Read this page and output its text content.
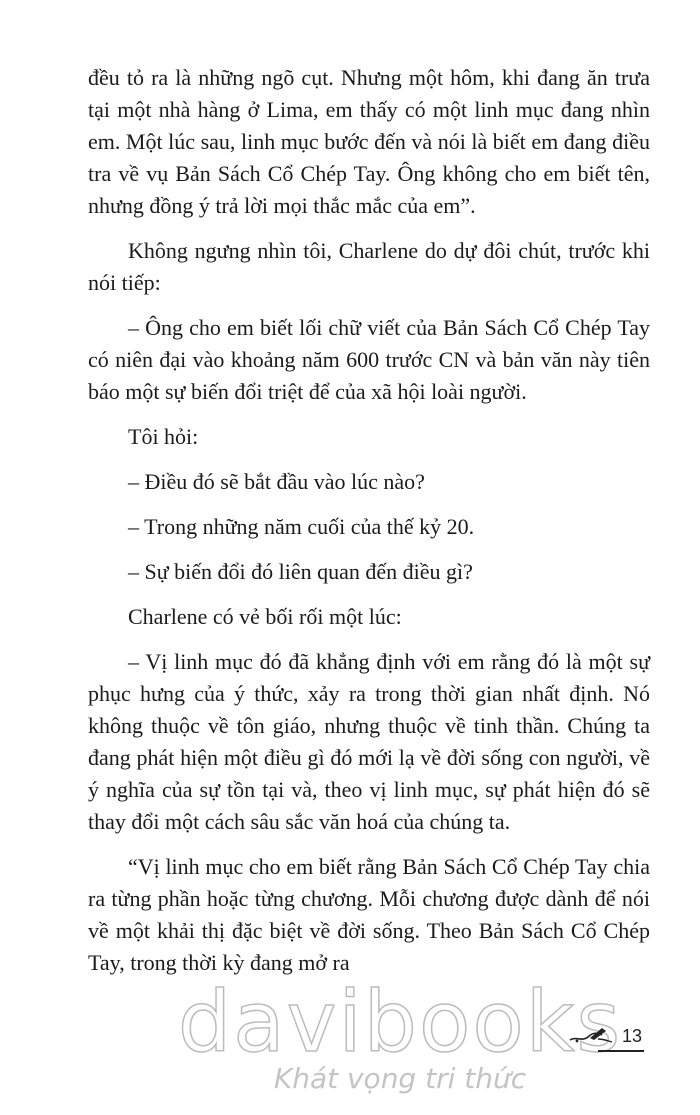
đều tỏ ra là những ngõ cụt. Nhưng một hôm, khi đang ăn trưa tại một nhà hàng ở Lima, em thấy có một linh mục đang nhìn em. Một lúc sau, linh mục bước đến và nói là biết em đang điều tra về vụ Bản Sách Cổ Chép Tay. Ông không cho em biết tên, nhưng đồng ý trả lời mọi thắc mắc của em”.

Không ngưng nhìn tôi, Charlene do dự đôi chút, trước khi nói tiếp:

– Ông cho em biết lối chữ viết của Bản Sách Cổ Chép Tay có niên đại vào khoảng năm 600 trước CN và bản văn này tiên báo một sự biến đổi triệt để của xã hội loài người.

Tôi hỏi:

– Điều đó sẽ bắt đầu vào lúc nào?

– Trong những năm cuối của thế kỷ 20.

– Sự biến đổi đó liên quan đến điều gì?

Charlene có vẻ bối rối một lúc:

– Vị linh mục đó đã khẳng định với em rằng đó là một sự phục hưng của ý thức, xảy ra trong thời gian nhất định. Nó không thuộc về tôn giáo, nhưng thuộc về tinh thần. Chúng ta đang phát hiện một điều gì đó mới lạ về đời sống con người, về ý nghĩa của sự tồn tại và, theo vị linh mục, sự phát hiện đó sẽ thay đổi một cách sâu sắc văn hoá của chúng ta.

“Vị linh mục cho em biết rằng Bản Sách Cổ Chép Tay chia ra từng phần hoặc từng chương. Mỗi chương được dành để nói về một khải thị đặc biệt về đời sống. Theo Bản Sách Cổ Chép Tay, trong thời kỳ đang mở ra

davibooks
Khát vọng tri thức
13
